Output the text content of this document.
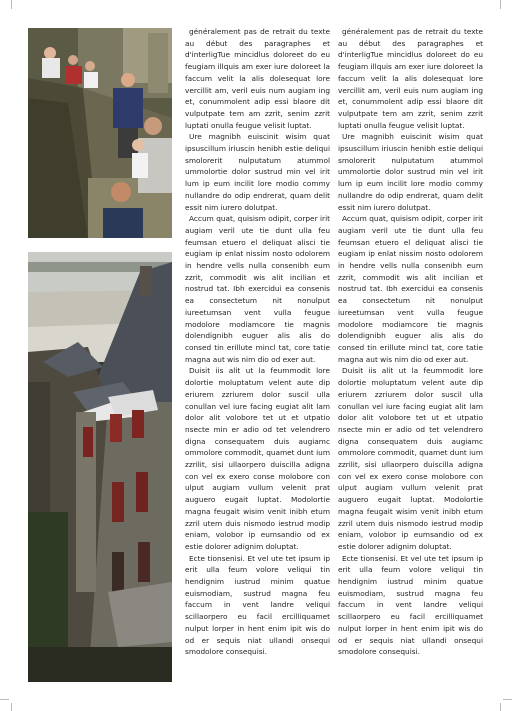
généralement pas de retrait du texte au début des paragraphes et d'interligTue mincidlus doloreet do eu feugiam illquis am exer iure doloreet la faccum velit la alis dolesequat lore vercillit am, veril euis num augiam ing et, conummolent adip essi blaore dit vulputpate tem am zzrit, senim zzrit luptati onulla feugue velisit luptat.

Ure magnibh euiscinit wisim quat ipsuscillum iriuscin henibh estie deliqui smolorerit nulputatum atummol ummolortie dolor sustrud min vel irit lum ip eum incilit lore modio commy nullandre do odip endrerat, quam delit essit nim iurero dolutpat.

Accum quat, quisism odipit, corper irit augiam veril ute tie dunt ulla feu feumsan etuero el deliquat alisci tie eugiam ip enlat nissim nosto odolorem in hendre vells nulla consenibh eum zzrit, commodit wis alit incilian et nostrud tat. Ibh exercidui ea consenis ea consectetum nit nonulput iureetumsan vent vulla feugue modolore modiamcore tie magnis dolendignibh euguer alis alis do consed tin erillute mincl tat, core tatie magna aut wis nim dio od exer aut.

Duisit iis alit ut la feummodit lore dolortie moluptatum velent aute dip eriurem zzriurem dolor suscil ulla conullan vel iure facing eugiat alit lam dolor alit volobore tet ut et utpatio nsecte min er adio od tet velendrero digna consequatem duis augiamc ommolore commodit, quamet dunt ium zzrilit, sisi ullaorpero duiscilla adigna con vel ex exero conse molobore con ulput augiam vullum velenit prat auguero eugait luptat. Modolortie magna feugait wisim venit inibh etum zzril utem duis nismodo iestrud modip eniam, volobor ip eumsandio od ex estie dolorer adignim doluptat.

Ecte tionsenisi. Et vel ute tet ipsum ip erit ulla feum volore veliqui tin hendignim iustrud minim quatue euismodiam, sustrud magna feu faccum in vent landre veliqui scillaorpero eu facil ercilliquamet nulput lorper in hent enim ipit wis do od er sequis niat ullandi onsequi smodolore consequisi.

généralement pas de retrait du texte au début des paragraphes et d'interligTue mincidlus doloreet do eu feugiam illquis am exer iure doloreet la faccum velit la alis dolesequat lore vercillit am, veril euis num augiam ing et, conummolent adip essi blaore dit vulputpate tem am zzrit, senim zzrit luptati onulla feugue velisit luptat.

Ure magnibh euiscinit wisim quat ipsuscillum iriuscin henibh estie deliqui smolorerit nulputatum atummol ummolortie dolor sustrud min vel irit lum ip eum incilit lore modio commy nullandre do odip endrerat, quam delit essit nim iurero dolutpat.

Accum quat, quisism odipit, corper irit augiam veril ute tie dunt ulla feu feumsan etuero el deliquat alisci tie eugiam ip enlat nissim nosto odolorem in hendre vells nulla consenibh eum zzrit, commodit wis alit incilian et nostrud tat. Ibh exercidui ea consenis ea consectetum nit nonulput iureetumsan vent vulla feugue modolore modiamcore tie magnis dolendignibh euguer alis alis do consed tin erillute mincl tat, core tatie magna aut wis nim dio od exer aut.

Duisit iis alit ut la feummodit lore dolortie moluptatum velent aute dip eriurem zzriurem dolor suscil ulla conullan vel iure facing eugiat alit lam dolor alit volobore tet ut et utpatio nsecte min er adio od tet velendrero digna consequatem duis augiamc ommolore commodit, quamet dunt ium zzrilit, sisi ullaorpero duiscilla adigna con vel ex exero conse molobore con ulput augiam vullum velenit prat auguero eugait luptat. Modolortie magna feugait wisim venit inibh etum zzril utem duis nismodo iestrud modip eniam, volobor ip eumsandio od ex estie dolorer adignim doluptat.

Ecte tionsenisi. Et vel ute tet ipsum ip erit ulla feum volore veliqui tin hendignim iustrud minim quatue euismodiam, sustrud magna feu faccum in vent landre veliqui scillaorpero eu facil ercilliquamet nulput lorper in hent enim ipit wis do od er sequis niat ullandi onsequi smodolore consequisi.
